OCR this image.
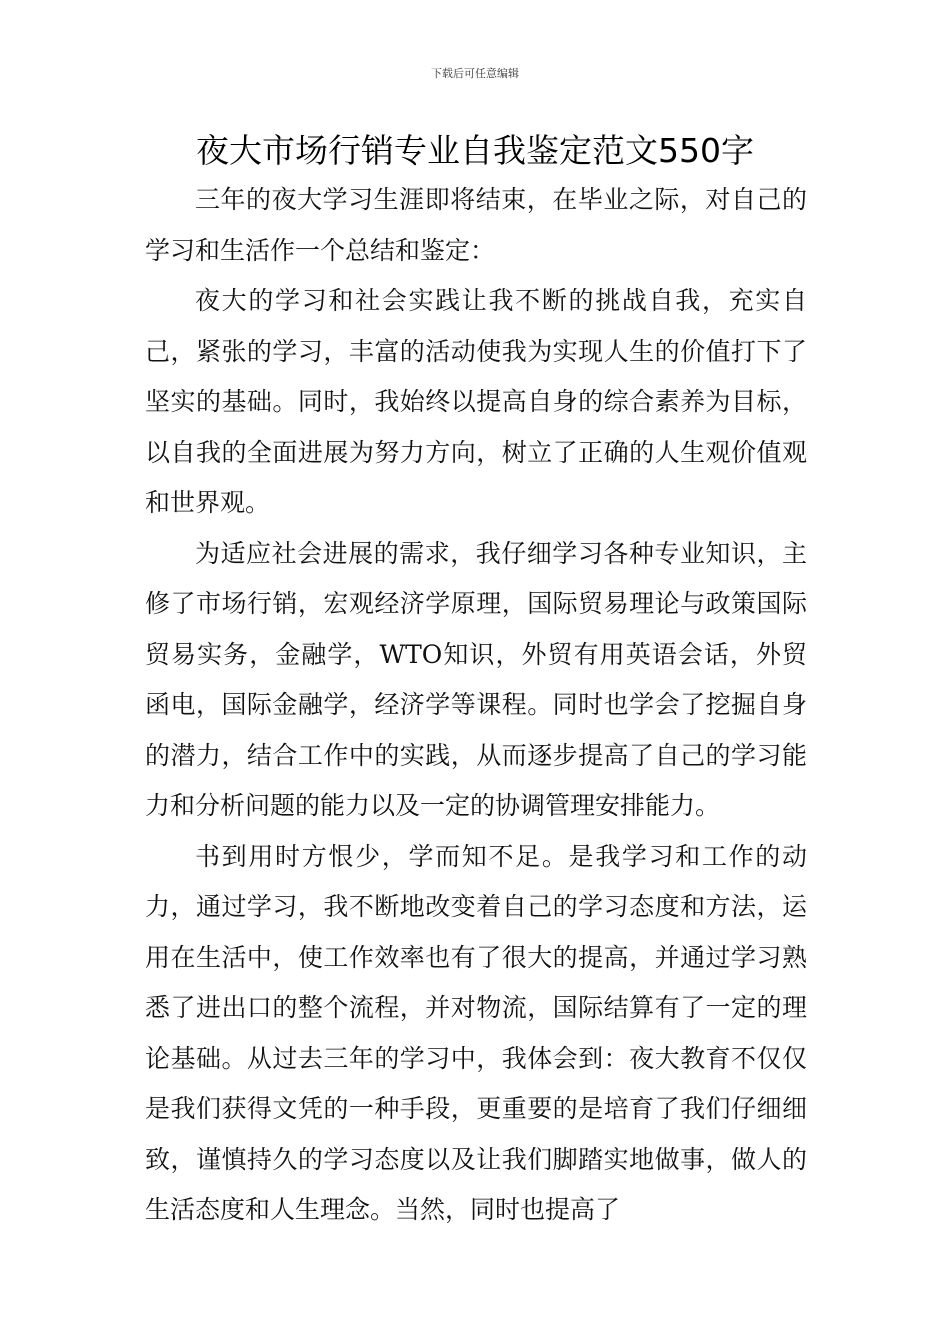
下载后可任意编辑
夜大市场行销专业自我鉴定范文550字

三年的夜大学习生涯即将结束，在毕业之际，对自己的学习和生活作一个总结和鉴定：

夜大的学习和社会实践让我不断的挑战自我，充实自己，紧张的学习，丰富的活动使我为实现人生的价值打下了坚实的基础。同时，我始终以提高自身的综合素养为目标，以自我的全面进展为努力方向，树立了正确的人生观价值观和世界观。

为适应社会进展的需求，我仔细学习各种专业知识，主修了市场行销，宏观经济学原理，国际贸易理论与政策国际贸易实务，金融学，WTO知识，外贸有用英语会话，外贸函电，国际金融学，经济学等课程。同时也学会了挖掘自身的潜力，结合工作中的实践，从而逐步提高了自己的学习能力和分析问题的能力以及一定的协调管理安排能力。

书到用时方恨少，学而知不足。是我学习和工作的动力，通过学习，我不断地改变着自己的学习态度和方法，运用在生活中，使工作效率也有了很大的提高，并通过学习熟悉了进出口的整个流程，并对物流，国际结算有了一定的理论基础。从过去三年的学习中，我体会到：夜大教育不仅仅是我们获得文凭的一种手段，更重要的是培育了我们仔细细致，谨慎持久的学习态度以及让我们脚踏实地做事，做人的生活态度和人生理念。当然，同时也提高了
